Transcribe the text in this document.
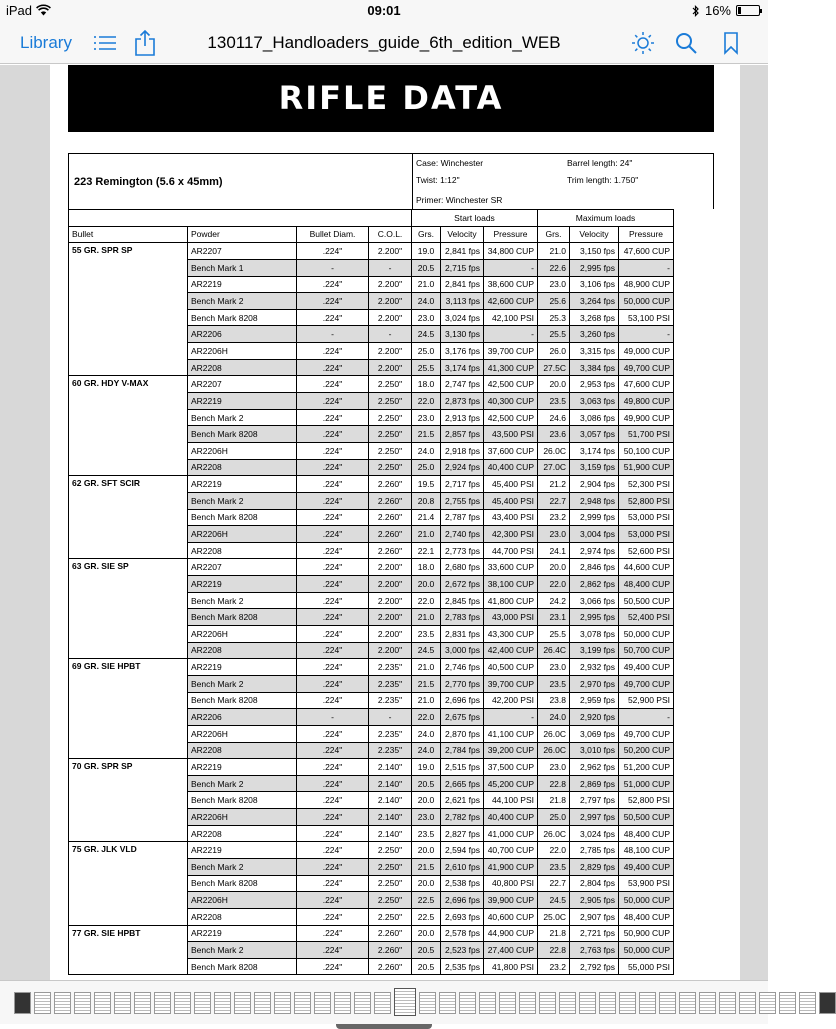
iPad	09:01	16%
Library	130117_Handloaders_guide_6th_edition_WEB
RIFLE DATA
223 Remington (5.6 x 45mm)
Case: Winchester	Barrel length: 24"
Twist: 1:12"	Trim length: 1.750"
Primer: Winchester SR
				Start loads			Maximum loads		
Bullet	Powder	Bullet Diam.	C.O.L.	Grs.	Velocity	Pressure	Grs.	Velocity	Pressure
55 GR. SPR SP	AR2207	.224"	2.200"	19.0	2,841 fps	34,800 CUP	21.0	3,150 fps	47,600 CUP
	Bench Mark 1	-	-	20.5	2,715 fps	-	22.6	2,995 fps	-
	AR2219	.224"	2.200"	21.0	2,841 fps	38,600 CUP	23.0	3,106 fps	48,900 CUP
	Bench Mark 2	.224"	2.200"	24.0	3,113 fps	42,600 CUP	25.6	3,264 fps	50,000 CUP
	Bench Mark 8208	.224"	2.200"	23.0	3,024 fps	42,100 PSI	25.3	3,268 fps	53,100 PSI
	AR2206	-	-	24.5	3,130 fps	-	25.5	3,260 fps	-
	AR2206H	.224"	2.200"	25.0	3,176 fps	39,700 CUP	26.0	3,315 fps	49,000 CUP
	AR2208	.224"	2.200"	25.5	3,174 fps	41,300 CUP	27.5C	3,384 fps	49,700 CUP
60 GR. HDY V-MAX	AR2207	.224"	2.250"	18.0	2,747 fps	42,500 CUP	20.0	2,953 fps	47,600 CUP
	AR2219	.224"	2.250"	22.0	2,873 fps	40,300 CUP	23.5	3,063 fps	49,800 CUP
	Bench Mark 2	.224"	2.250"	23.0	2,913 fps	42,500 CUP	24.6	3,086 fps	49,900 CUP
	Bench Mark 8208	.224"	2.250"	21.5	2,857 fps	43,500 PSI	23.6	3,057 fps	51,700 PSI
	AR2206H	.224"	2.250"	24.0	2,918 fps	37,600 CUP	26.0C	3,174 fps	50,100 CUP
	AR2208	.224"	2.250"	25.0	2,924 fps	40,400 CUP	27.0C	3,159 fps	51,900 CUP
62 GR. SFT SCIR	AR2219	.224"	2.260"	19.5	2,717 fps	45,400 PSI	21.2	2,904 fps	52,300 PSI
	Bench Mark 2	.224"	2.260"	20.8	2,755 fps	45,400 PSI	22.7	2,948 fps	52,800 PSI
	Bench Mark 8208	.224"	2.260"	21.4	2,787 fps	43,400 PSI	23.2	2,999 fps	53,000 PSI
	AR2206H	.224"	2.260"	21.0	2,740 fps	42,300 PSI	23.0	3,004 fps	53,000 PSI
	AR2208	.224"	2.260"	22.1	2,773 fps	44,700 PSI	24.1	2,974 fps	52,600 PSI
63 GR. SIE SP	AR2207	.224"	2.200"	18.0	2,680 fps	33,600 CUP	20.0	2,846 fps	44,600 CUP
	AR2219	.224"	2.200"	20.0	2,672 fps	38,100 CUP	22.0	2,862 fps	48,400 CUP
	Bench Mark 2	.224"	2.200"	22.0	2,845 fps	41,800 CUP	24.2	3,066 fps	50,500 CUP
	Bench Mark 8208	.224"	2.200"	21.0	2,783 fps	43,000 PSI	23.1	2,995 fps	52,400 PSI
	AR2206H	.224"	2.200"	23.5	2,831 fps	43,300 CUP	25.5	3,078 fps	50,000 CUP
	AR2208	.224"	2.200"	24.5	3,000 fps	42,400 CUP	26.4C	3,199 fps	50,700 CUP
69 GR. SIE HPBT	AR2219	.224"	2.235"	21.0	2,746 fps	40,500 CUP	23.0	2,932 fps	49,400 CUP
	Bench Mark 2	.224"	2.235"	21.5	2,770 fps	39,700 CUP	23.5	2,970 fps	49,700 CUP
	Bench Mark 8208	.224"	2.235"	21.0	2,696 fps	42,200 PSI	23.8	2,959 fps	52,900 PSI
	AR2206	-	-	22.0	2,675 fps	-	24.0	2,920 fps	-
	AR2206H	.224"	2.235"	24.0	2,870 fps	41,100 CUP	26.0C	3,069 fps	49,700 CUP
	AR2208	.224"	2.235"	24.0	2,784 fps	39,200 CUP	26.0C	3,010 fps	50,200 CUP
70 GR. SPR SP	AR2219	.224"	2.140"	19.0	2,515 fps	37,500 CUP	23.0	2,962 fps	51,200 CUP
	Bench Mark 2	.224"	2.140"	20.5	2,665 fps	45,200 CUP	22.8	2,869 fps	51,000 CUP
	Bench Mark 8208	.224"	2.140"	20.0	2,621 fps	44,100 PSI	21.8	2,797 fps	52,800 PSI
	AR2206H	.224"	2.140"	23.0	2,782 fps	40,400 CUP	25.0	2,997 fps	50,500 CUP
	AR2208	.224"	2.140"	23.5	2,827 fps	41,000 CUP	26.0C	3,024 fps	48,400 CUP
75 GR. JLK VLD	AR2219	.224"	2.250"	20.0	2,594 fps	40,700 CUP	22.0	2,785 fps	48,100 CUP
	Bench Mark 2	.224"	2.250"	21.5	2,610 fps	41,900 CUP	23.5	2,829 fps	49,400 CUP
	Bench Mark 8208	.224"	2.250"	20.0	2,538 fps	40,800 PSI	22.7	2,804 fps	53,900 PSI
	AR2206H	.224"	2.250"	22.5	2,696 fps	39,900 CUP	24.5	2,905 fps	50,000 CUP
	AR2208	.224"	2.250"	22.5	2,693 fps	40,600 CUP	25.0C	2,907 fps	48,400 CUP
77 GR. SIE HPBT	AR2219	.224"	2.260"	20.0	2,578 fps	44,900 CUP	21.8	2,721 fps	50,900 CUP
	Bench Mark 2	.224"	2.260"	20.5	2,523 fps	27,400 CUP	22.8	2,763 fps	50,000 CUP
	Bench Mark 8208	.224"	2.260"	20.5	2,535 fps	41,800 PSI	23.2	2,792 fps	55,000 PSI
